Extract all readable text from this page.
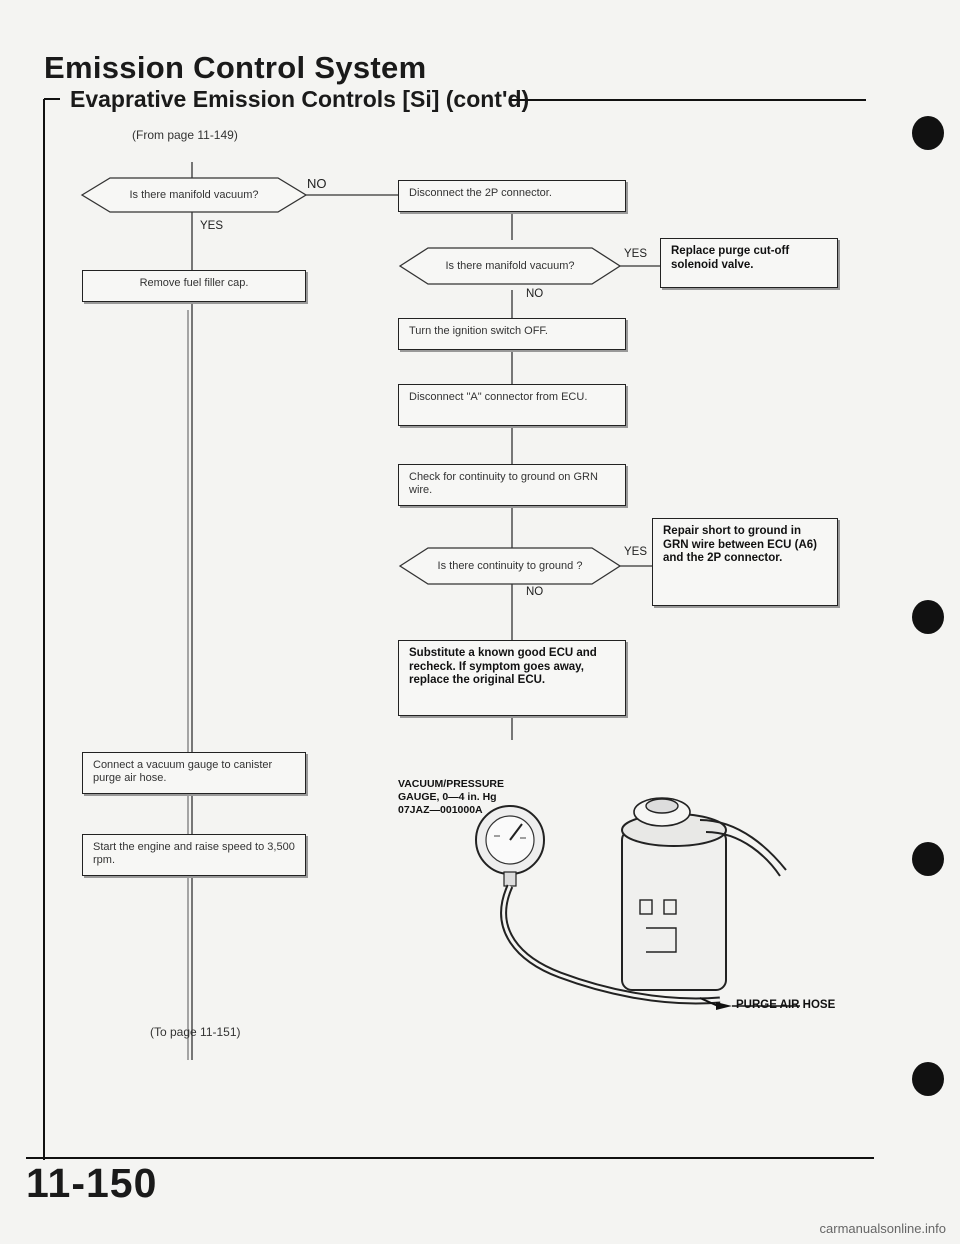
Emission Control System
Evaprative Emission Controls [Si] (cont'd)
(From page 11-149)
(To page 11-151)
Is there manifold vacuum?
Is there manifold vacuum?
Is there continuity to ground ?
NO
YES
YES
NO
YES
NO
Disconnect the 2P connector.
Replace purge cut-off solenoid valve.
Turn the ignition switch OFF.
Disconnect "A" connector from ECU.
Check for continuity to ground on GRN wire.
Repair short to ground in GRN wire between ECU (A6) and the 2P connector.
Substitute a known good ECU and recheck. If symptom goes away, replace the original ECU.
Remove fuel filler cap.
Connect a vacuum gauge to canister purge air hose.
Start the engine and raise speed to 3,500 rpm.
VACUUM/PRESSURE
GAUGE, 0—4 in. Hg
07JAZ—001000A
PURGE AIR HOSE
11-150
carmanualsonline.info
